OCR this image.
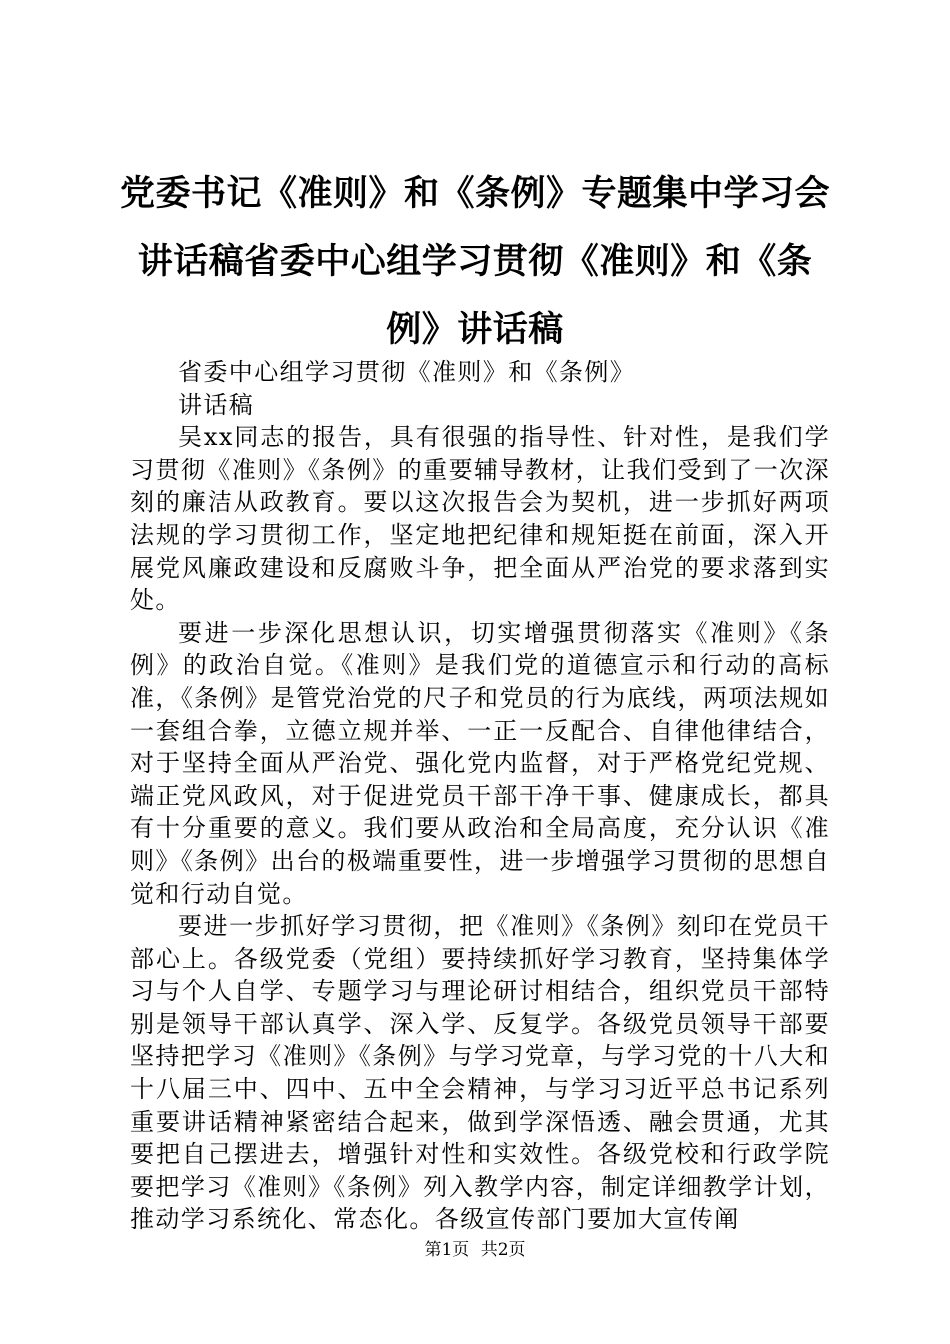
党委书记《准则》和《条例》专题集中学习会讲话稿省委中心组学习贯彻《准则》和《条例》讲话稿

省委中心组学习贯彻《准则》和《条例》

讲话稿

吴xx同志的报告，具有很强的指导性、针对性，是我们学习贯彻《准则》《条例》的重要辅导教材，让我们受到了一次深刻的廉洁从政教育。要以这次报告会为契机，进一步抓好两项法规的学习贯彻工作，坚定地把纪律和规矩挺在前面，深入开展党风廉政建设和反腐败斗争，把全面从严治党的要求落到实处。

要进一步深化思想认识，切实增强贯彻落实《准则》《条例》的政治自觉。《准则》是我们党的道德宣示和行动的高标准，《条例》是管党治党的尺子和党员的行为底线，两项法规如一套组合拳，立德立规并举、一正一反配合、自律他律结合，对于坚持全面从严治党、强化党内监督，对于严格党纪党规、端正党风政风，对于促进党员干部干净干事、健康成长，都具有十分重要的意义。我们要从政治和全局高度，充分认识《准则》《条例》出台的极端重要性，进一步增强学习贯彻的思想自觉和行动自觉。

要进一步抓好学习贯彻，把《准则》《条例》刻印在党员干部心上。各级党委（党组）要持续抓好学习教育，坚持集体学习与个人自学、专题学习与理论研讨相结合，组织党员干部特别是领导干部认真学、深入学、反复学。各级党员领导干部要坚持把学习《准则》《条例》与学习党章，与学习党的十八大和十八届三中、四中、五中全会精神，与学习习近平总书记系列重要讲话精神紧密结合起来，做到学深悟透、融会贯通，尤其要把自己摆进去，增强针对性和实效性。各级党校和行政学院要把学习《准则》《条例》列入教学内容，制定详细教学计划，推动学习系统化、常态化。各级宣传部门要加大宣传阐

第1页 共2页
